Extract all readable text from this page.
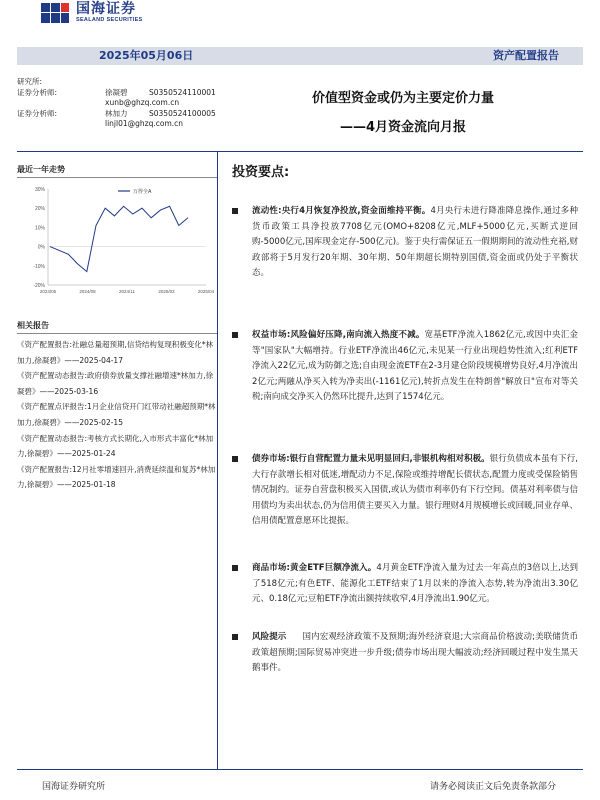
国海证券
SEALAND SECURITIES
2025年05月06日	资产配置报告
研究所:
证券分析师:	徐凝碧	S0350524110001
xunb@ghzq.com.cn
证券分析师:	林加力	S0350524100005
linjl01@ghzq.com.cn
价值型资金或仍为主要定价力量
——4月资金流向月报
最近一年走势
30%
20%
10%
0%
-10%
-20%
2024/05	2024/08	2024/11	2025/02	2025/04
万得全A
相关报告
《资产配置报告:社融总量超预期,信贷结构复现积极变化*林加力,徐凝碧》——2025-04-17
《资产配置动态报告:政府债券放量支撑社融增速*林加力,徐凝碧》——2025-03-16
《资产配置点评报告:1月企业信贷开门红带动社融超预期*林加力,徐凝碧》——2025-02-15
《资产配置动态报告:考核方式长期化,入市形式丰富化*林加力,徐凝碧》——2025-01-24
《资产配置报告:12月社零增速回升,消费延续温和复苏*林加力,徐凝碧》——2025-01-18
投资要点:
流动性:央行4月恢复净投放,资金面维持平衡。4月央行未进行降准降息操作,通过多种货币政策工具净投放7708亿元(OMO+8208亿元,MLF+5000亿元,买断式逆回购-5000亿元,国库现金定存-500亿元)。鉴于央行需保证五一假期期间的流动性充裕,财政部将于5月发行20年期、30年期、50年期超长期特别国债,资金面或仍处于平衡状态。
权益市场:风险偏好压降,南向流入热度不减。宽基ETF净流入1862亿元,或因中央汇金等"国家队"大幅增持。行业ETF净流出46亿元,未见某一行业出现趋势性流入;红利ETF净流入22亿元,成为防御之选;自由现金流ETF在2-3月建仓阶段规模增势良好,4月净流出2亿元;两融从净买入转为净卖出(-1161亿元),转折点发生在特朗普"解放日"宣布对等关税;南向成交净买入仍然环比提升,达到了1574亿元。
债券市场:银行自营配置力量未见明显回归,非银机构相对积极。银行负债成本虽有下行,大行存款增长相对低迷,增配动力不足,保险或维持增配长债状态,配置力度或受保险销售情况制约。证券自营盘积极买入国债,或认为债市利率仍有下行空间。债基对利率债与信用债均为卖出状态,仍为信用债主要买入力量。银行理财4月规模增长或回暖,同业存单、信用债配置意愿环比提振。
商品市场:黄金ETF巨额净流入。4月黄金ETF净流入量为过去一年高点的3倍以上,达到了518亿元;有色ETF、能源化工ETF结束了1月以来的净流入态势,转为净流出3.30亿元、0.18亿元;豆粕ETF净流出额持续收窄,4月净流出1.90亿元。
风险提示 国内宏观经济政策不及预期;海外经济衰退;大宗商品价格波动;美联储货币政策超预期;国际贸易冲突进一步升级;债券市场出现大幅波动;经济回暖过程中发生黑天鹅事件。
国海证券研究所	请务必阅读正文后免责条款部分
